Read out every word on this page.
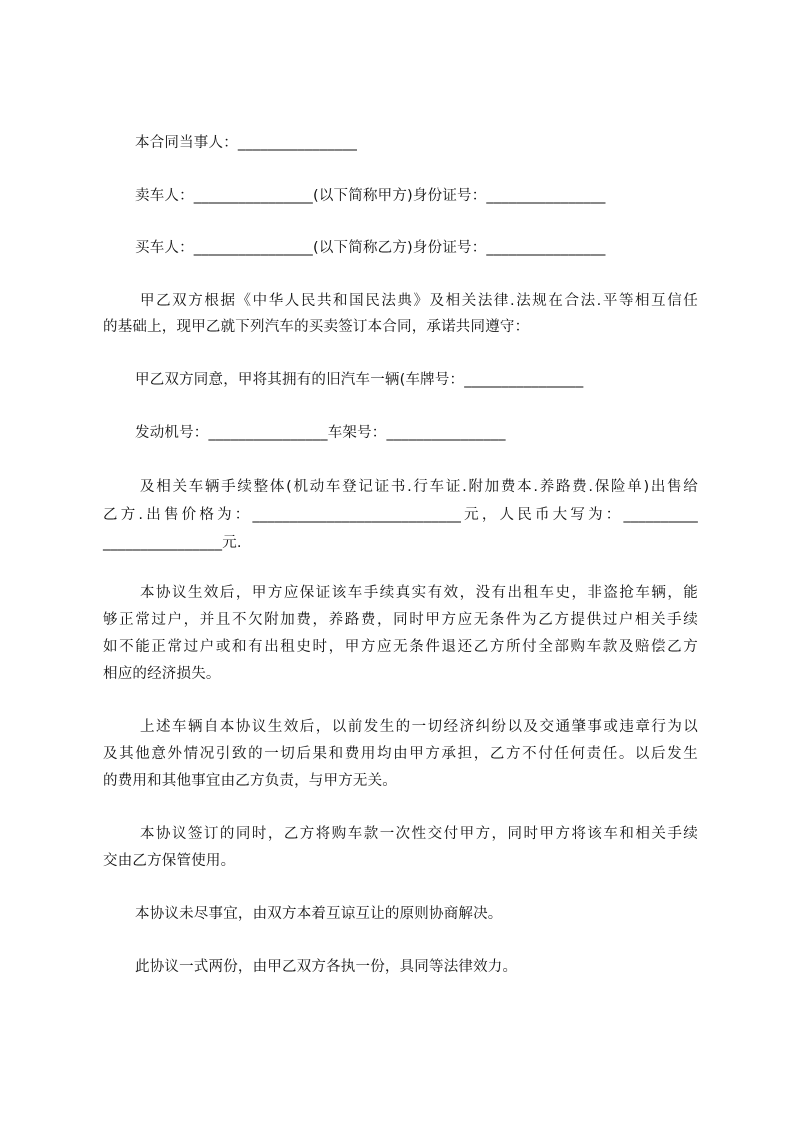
本合同当事人：________________
卖车人：________________(以下简称甲方)身份证号：________________
买车人：________________(以下简称乙方)身份证号：________________
甲乙双方根据《中华人民共和国民法典》及相关法律.法规在合法.平等相互信任
的基础上，现甲乙就下列汽车的买卖签订本合同，承诺共同遵守：
甲乙双方同意，甲将其拥有的旧汽车一辆(车牌号：________________
发动机号：________________车架号：________________
及相关车辆手续整体(机动车登记证书.行车证.附加费本.养路费.保险单)出售给
乙方.出售价格为：____________________________元，人民币大写为：__________
________________元.
本协议生效后，甲方应保证该车手续真实有效，没有出租车史，非盗抢车辆，能
够正常过户，并且不欠附加费，养路费，同时甲方应无条件为乙方提供过户相关手续
如不能正常过户或和有出租史时，甲方应无条件退还乙方所付全部购车款及赔偿乙方
相应的经济损失。
上述车辆自本协议生效后，以前发生的一切经济纠纷以及交通肇事或违章行为以
及其他意外情况引致的一切后果和费用均由甲方承担，乙方不付任何责任。以后发生
的费用和其他事宜由乙方负责，与甲方无关。
本协议签订的同时，乙方将购车款一次性交付甲方，同时甲方将该车和相关手续
交由乙方保管使用。
本协议未尽事宜，由双方本着互谅互让的原则协商解决。
此协议一式两份，由甲乙双方各执一份，具同等法律效力。
